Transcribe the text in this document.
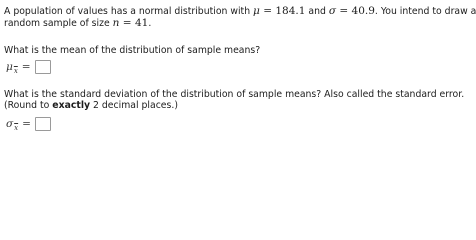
A population of values has a normal distribution with μ = 184.1 and σ = 40.9. You intend to draw a
random sample of size n = 41.
What is the mean of the distribution of sample means?
μ $\overline{x}$ =
What is the standard deviation of the distribution of sample means? Also called the standard error.
(Round to exactly 2 decimal places.)
σ $\overline{x}$ =
